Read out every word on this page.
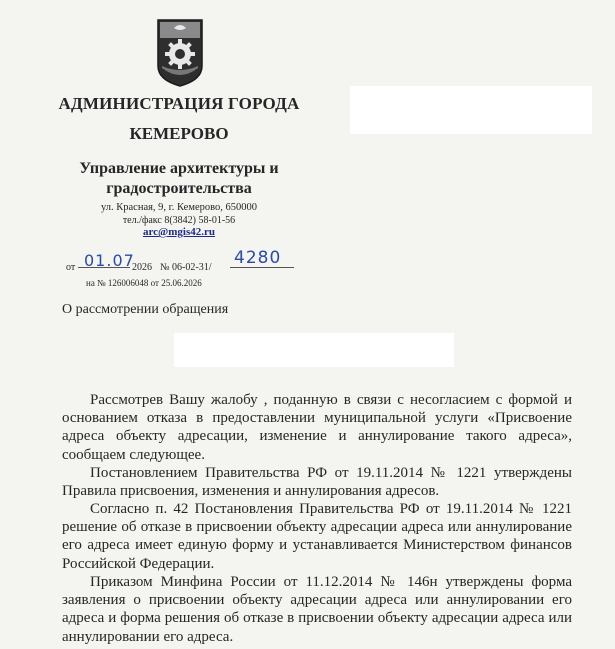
АДМИНИСТРАЦИЯ ГОРОДА
КЕМЕРОВО
Управление архитектуры и
градостроительства
ул. Красная, 9, г. Кемерово, 650000
тел./факс 8(3842) 58-01-56
arc@mgis42.ru
от 01.07
2026 № 06-02-31/ 4280
на № 126006048 от 25.06.2026
О рассмотрении обращения

Рассмотрев Вашу жалобу , поданную в связи с несогласием с формой и основанием отказа в предоставлении муниципальной услуги «Присвоение адреса объекту адресации, изменение и аннулирование такого адреса», сообщаем следующее.

Постановлением Правительства РФ от 19.11.2014 № 1221 утверждены Правила присвоения, изменения и аннулирования адресов.

Согласно п. 42 Постановления Правительства РФ от 19.11.2014 № 1221 решение об отказе в присвоении объекту адресации адреса или аннулирование его адреса имеет единую форму и устанавливается Министерством финансов Российской Федерации.

Приказом Минфина России от 11.12.2014 № 146н утверждены форма заявления о присвоении объекту адресации адреса или аннулировании его адреса и форма решения об отказе в присвоении объекту адресации адреса или аннулировании его адреса.
